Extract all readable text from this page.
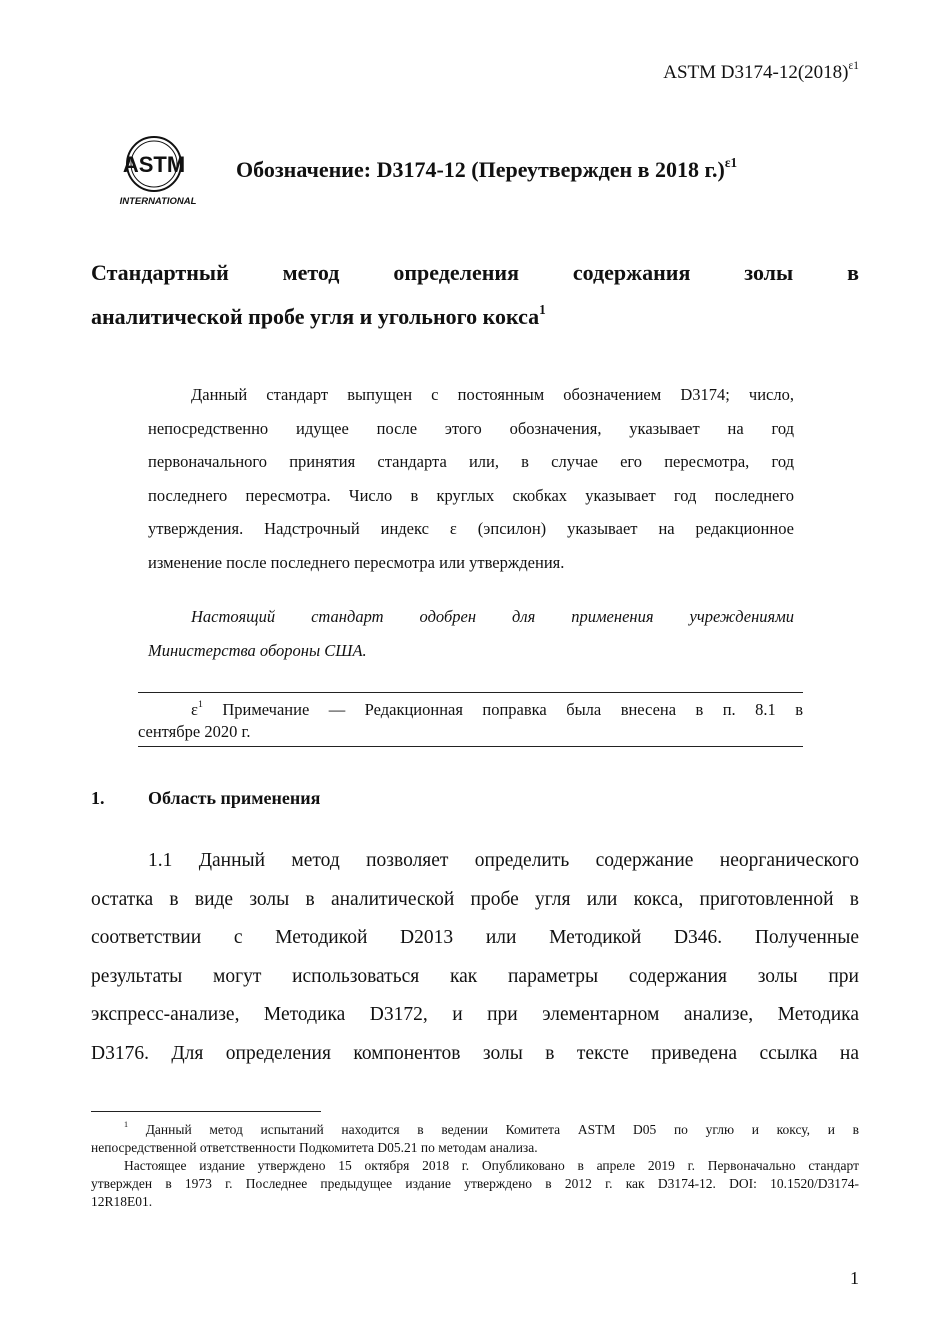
ASTM $D3174-12(2018)^{\varepsilon 1}$
ASTM
INTERNATIONAL
Обозначение: D3174-12 (Переутвержден в 2018 г.)$^{\varepsilon 1}$
Стандартный метод определения содержания золы в
аналитической пробе угля и угольного кокса$^1$
Данный стандарт выпущен с постоянным обозначением D3174; число,
непосредственно идущее после этого обозначения, указывает на год
первоначального принятия стандарта или, в случае его пересмотра, год
последнего пересмотра. Число в круглых скобках указывает год последнего
утверждения. Надстрочный индекс ε (эпсилон) указывает на редакционное
изменение после последнего пересмотра или утверждения.
Настоящий стандарт одобрен для применения учреждениями
Министерства обороны США.
$\varepsilon^1$ Примечание — Редакционная поправка была внесена в п. 8.1 в
сентябре 2020 г.
1. Область применения
1.1 Данный метод позволяет определить содержание неорганического
остатка в виде золы в аналитической пробе угля или кокса, приготовленной в
соответствии с Методикой D2013 или Методикой D346. Полученные
результаты могут использоваться как параметры содержания золы при
экспресс-анализе, Методика D3172, и при элементарном анализе, Методика
D3176. Для определения компонентов золы в тексте приведена ссылка на
$^1$ Данный метод испытаний находится в ведении Комитета ASTM D05 по углю и коксу, и в
непосредственной ответственности Подкомитета D05.21 по методам анализа.
Настоящее издание утверждено 15 октября 2018 г. Опубликовано в апреле 2019 г. Первоначально стандарт
утвержден в 1973 г. Последнее предыдущее издание утверждено в 2012 г. как D3174-12. DOI: 10.1520/D3174-
12R18E01.
1
